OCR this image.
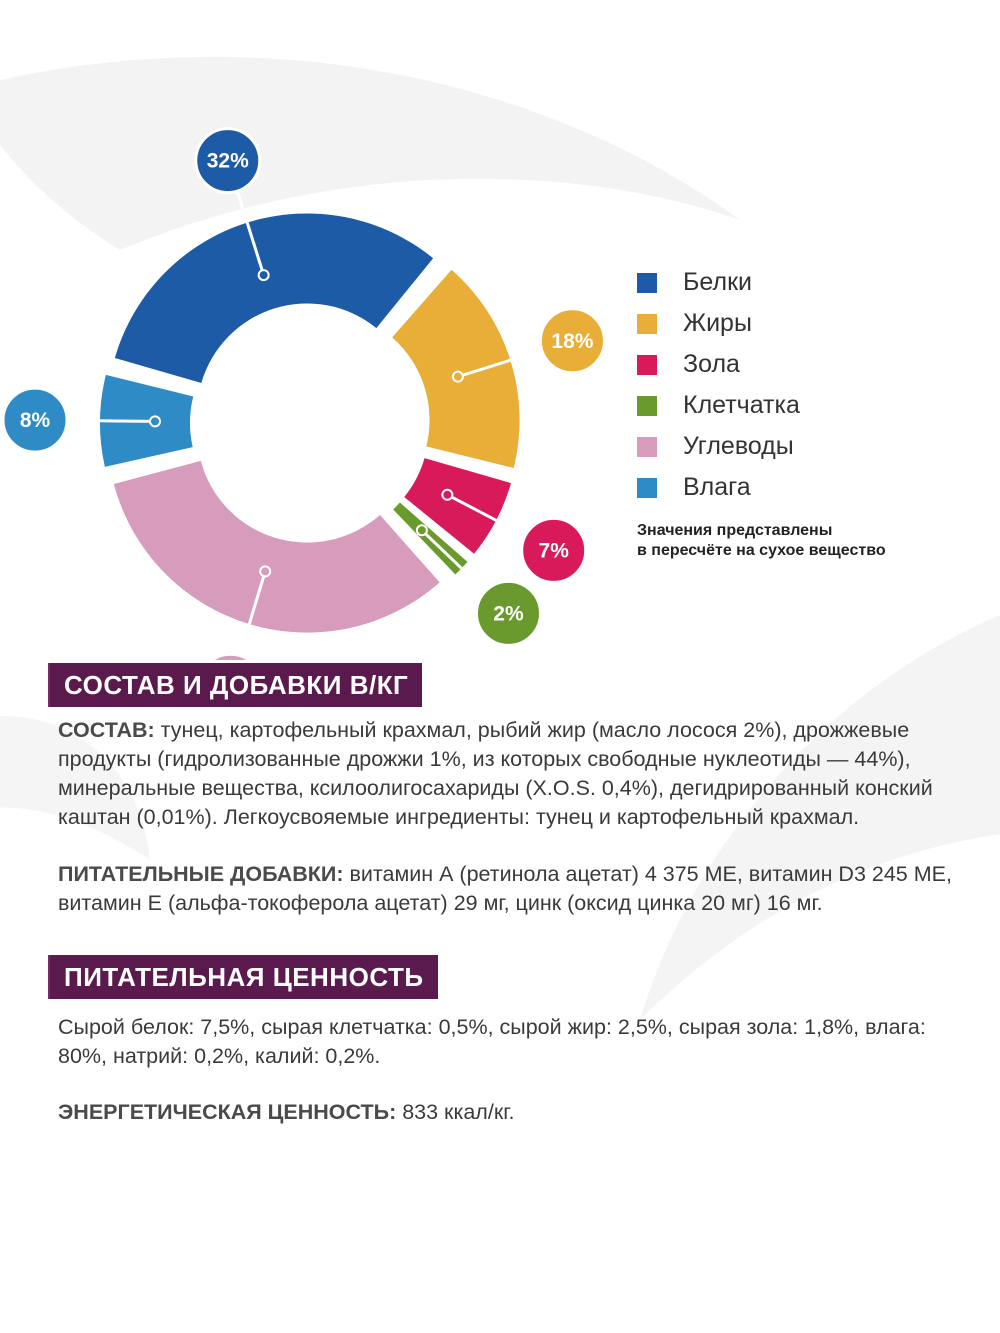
32%
18%
7%
2%
8%
Белки
Жиры
Зола
Клетчатка
Углеводы
Влага
Значения представлены
в пересчёте на сухое вещество
СОСТАВ И ДОБАВКИ В/КГ
СОСТАВ: тунец, картофельный крахмал, рыбий жир (масло лосося 2%), дрожжевые продукты (гидролизованные дрожжи 1%, из которых свободные нуклеотиды — 44%), минеральные вещества, ксилоолигосахариды (X.O.S. 0,4%), дегидрированный конский каштан (0,01%). Легкоусвояемые ингредиенты: тунец и картофельный крахмал.
ПИТАТЕЛЬНЫЕ ДОБАВКИ: витамин А (ретинола ацетат) 4 375 МЕ, витамин D3 245 МЕ, витамин Е (альфа-токоферола ацетат) 29 мг, цинк (оксид цинка 20 мг) 16 мг.
ПИТАТЕЛЬНАЯ ЦЕННОСТЬ
Сырой белок: 7,5%, сырая клетчатка: 0,5%, сырой жир: 2,5%, сырая зола: 1,8%, влага: 80%, натрий: 0,2%, калий: 0,2%.
ЭНЕРГЕТИЧЕСКАЯ ЦЕННОСТЬ: 833 ккал/кг.
